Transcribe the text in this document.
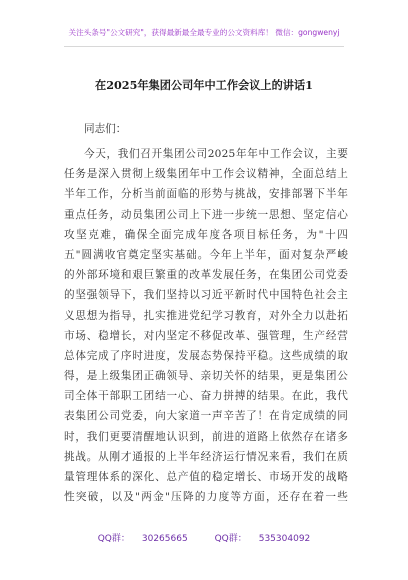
关注头条号"公文研究"，获得最新最全最专业的公文资料库！ 微信：gongwenyj
在2025年集团公司年中工作会议上的讲话1
同志们：
今天，我们召开集团公司2025年年中工作会议，主要
任务是深入贯彻上级集团年中工作会议精神，全面总结上
半年工作，分析当前面临的形势与挑战，安排部署下半年
重点任务，动员集团公司上下进一步统一思想、坚定信心
攻坚克难，确保全面完成年度各项目标任务，为"十四
五"圆满收官奠定坚实基础。今年上半年，面对复杂严峻
的外部环境和艰巨繁重的改革发展任务，在集团公司党委
的坚强领导下，我们坚持以习近平新时代中国特色社会主
义思想为指导，扎实推进党纪学习教育，对外全力以赴拓
市场、稳增长，对内坚定不移促改革、强管理，生产经营
总体完成了序时进度，发展态势保持平稳。这些成绩的取
得，是上级集团正确领导、亲切关怀的结果，更是集团公
司全体干部职工团结一心、奋力拼搏的结果。在此，我代
表集团公司党委，向大家道一声辛苦了！在肯定成绩的同
时，我们更要清醒地认识到，前进的道路上依然存在诸多
挑战。从刚才通报的上半年经济运行情况来看，我们在质
量管理体系的深化、总产值的稳定增长、市场开发的战略
性突破，以及"两金"压降的力度等方面，还存在着一些
QQ群： 30265665	QQ群： 535304092
